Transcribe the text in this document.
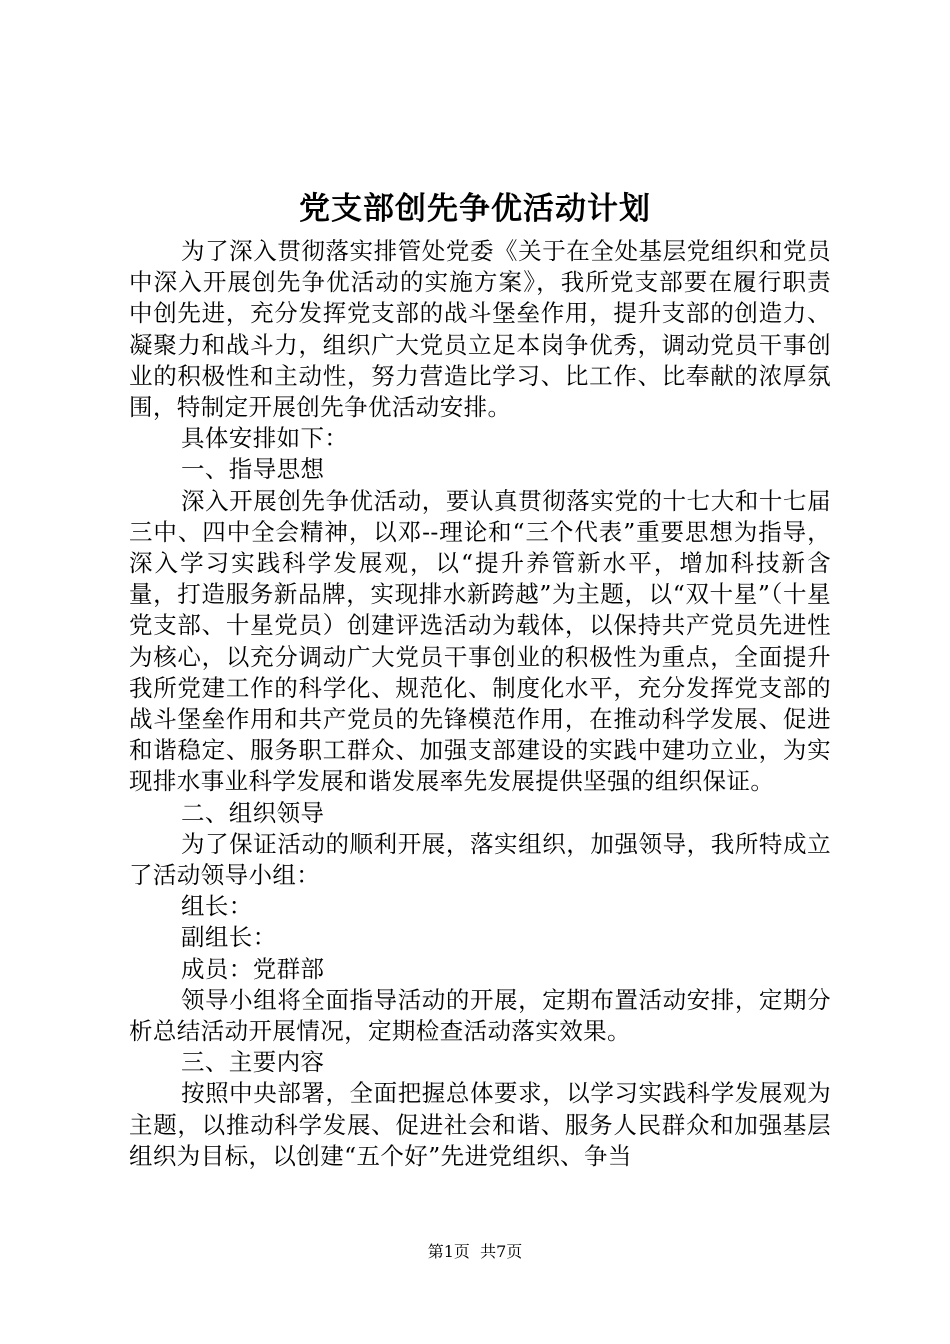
党支部创先争优活动计划

为了深入贯彻落实排管处党委《关于在全处基层党组织和党员中深入开展创先争优活动的实施方案》，我所党支部要在履行职责中创先进，充分发挥党支部的战斗堡垒作用，提升支部的创造力、凝聚力和战斗力，组织广大党员立足本岗争优秀，调动党员干事创业的积极性和主动性，努力营造比学习、比工作、比奉献的浓厚氛围，特制定开展创先争优活动安排。

具体安排如下：

一、指导思想

深入开展创先争优活动，要认真贯彻落实党的十七大和十七届三中、四中全会精神，以邓--理论和“三个代表”重要思想为指导，深入学习实践科学发展观，以“提升养管新水平，增加科技新含量，打造服务新品牌，实现排水新跨越”为主题，以“双十星”（十星党支部、十星党员）创建评选活动为载体，以保持共产党员先进性为核心，以充分调动广大党员干事创业的积极性为重点，全面提升我所党建工作的科学化、规范化、制度化水平，充分发挥党支部的战斗堡垒作用和共产党员的先锋模范作用，在推动科学发展、促进和谐稳定、服务职工群众、加强支部建设的实践中建功立业，为实现排水事业科学发展和谐发展率先发展提供坚强的组织保证。

二、组织领导

为了保证活动的顺利开展，落实组织，加强领导，我所特成立了活动领导小组：

组长：

副组长：

成员：党群部

领导小组将全面指导活动的开展，定期布置活动安排，定期分析总结活动开展情况，定期检查活动落实效果。

三、主要内容

按照中央部署，全面把握总体要求，以学习实践科学发展观为主题，以推动科学发展、促进社会和谐、服务人民群众和加强基层组织为目标，以创建“五个好”先进党组织、争当

第1页  共7页
